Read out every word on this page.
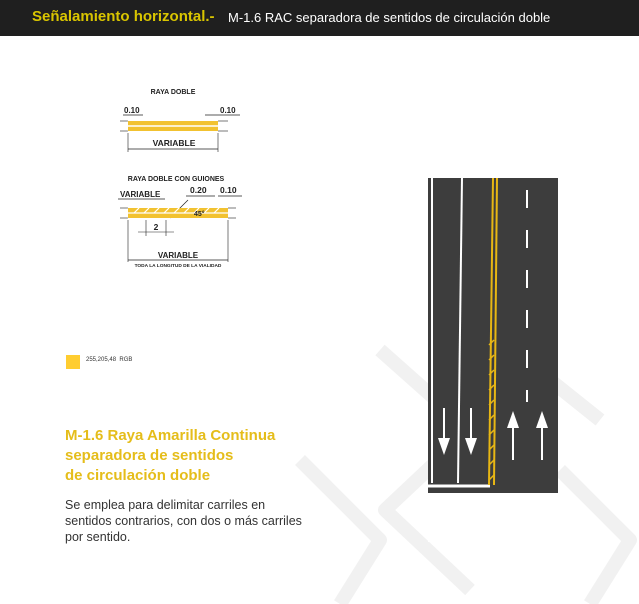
Señalamiento horizontal.- M-1.6 RAC separadora de sentidos de circulación doble
RAYA DOBLE
0.10	0.10
VARIABLE
RAYA DOBLE CON GUIONES
VARIABLE	0.20 0.10
45°
2
VARIABLE
TODA LA LONGITUD DE LA VIALIDAD
255,205,48 RGB
M-1.6 Raya Amarilla Continua
separadora de sentidos
de circulación doble
Se emplea para delimitar carriles en
sentidos contrarios, con dos o más carriles
por sentido.
